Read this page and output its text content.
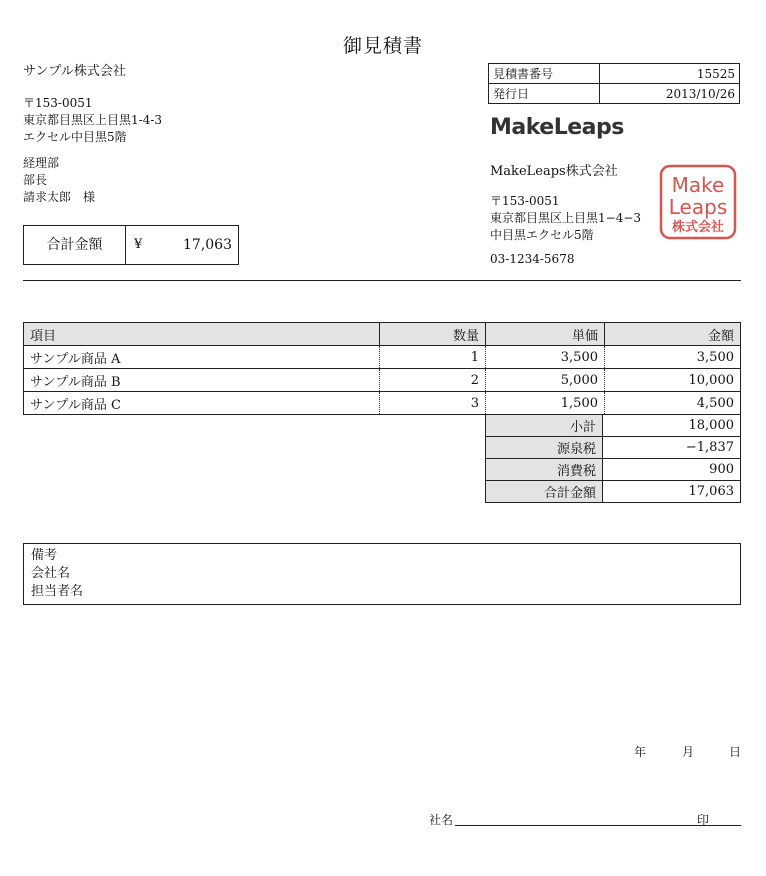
御見積書
サンプル株式会社
〒153-0051
東京都目黒区上目黒1-4-3
エクセル中目黒5階
経理部
部長
請求太郎　様
合計金額	¥	17,063
見積書番号	15525
発行日	2013/10/26
MakeLeaps
MakeLeaps株式会社
〒153-0051
東京都目黒区上目黒1−4−3
中目黒エクセル5階
03-1234-5678
Make
Leaps
株式会社
項目	数量	単価	金額
サンプル商品 A	1	3,500	3,500
サンプル商品 B	2	5,000	10,000
サンプル商品 C	3	1,500	4,500
小計	18,000
源泉税	−1,837
消費税	900
合計金額	17,063
備考
会社名
担当者名
年	月	日
社名	印
